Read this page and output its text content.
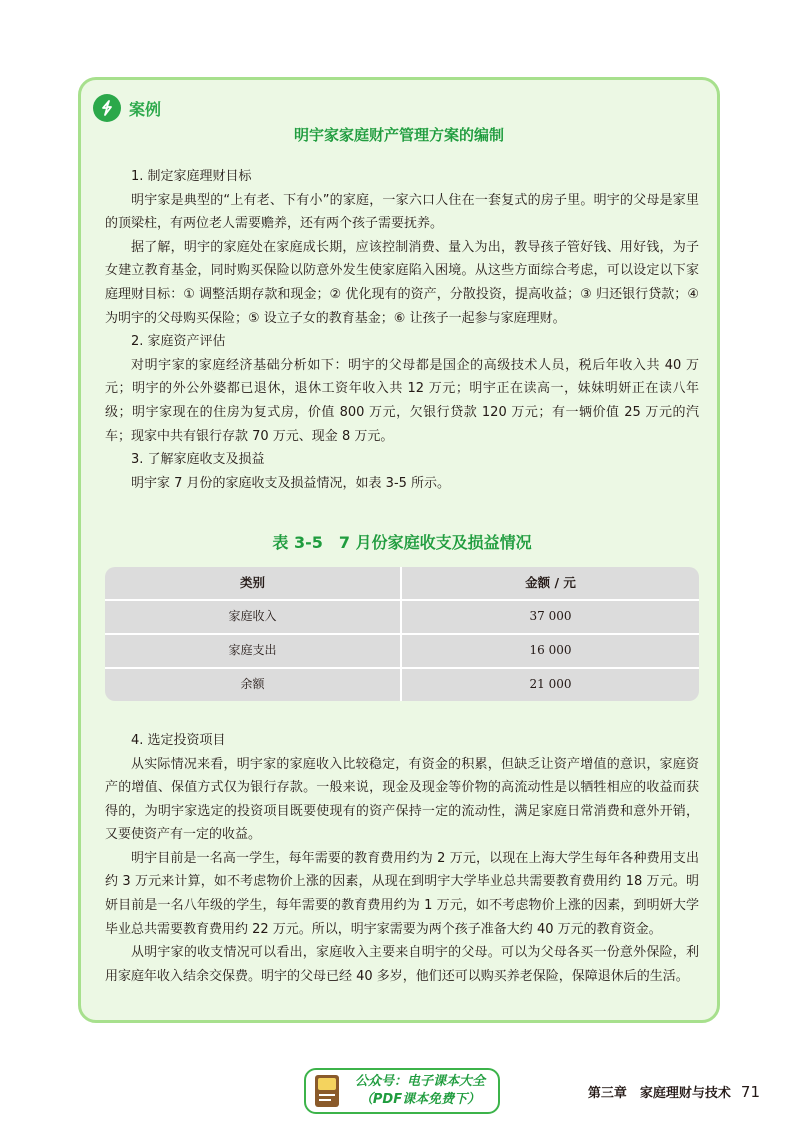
案例
明宇家家庭财产管理方案的编制

1. 制定家庭理财目标

明宇家是典型的“上有老、下有小”的家庭，一家六口人住在一套复式的房子里。明宇的父母是家里的顶梁柱，有两位老人需要赡养，还有两个孩子需要抚养。

据了解，明宇的家庭处在家庭成长期，应该控制消费、量入为出，教导孩子管好钱、用好钱，为子女建立教育基金，同时购买保险以防意外发生使家庭陷入困境。从这些方面综合考虑，可以设定以下家庭理财目标：① 调整活期存款和现金；② 优化现有的资产，分散投资，提高收益；③ 归还银行贷款；④ 为明宇的父母购买保险；⑤ 设立子女的教育基金；⑥ 让孩子一起参与家庭理财。

2. 家庭资产评估

对明宇家的家庭经济基础分析如下：明宇的父母都是国企的高级技术人员，税后年收入共 40 万元；明宇的外公外婆都已退休，退休工资年收入共 12 万元；明宇正在读高一，妹妹明妍正在读八年级；明宇家现在的住房为复式房，价值 800 万元，欠银行贷款 120 万元；有一辆价值 25 万元的汽车；现家中共有银行存款 70 万元、现金 8 万元。

3. 了解家庭收支及损益

明宇家 7 月份的家庭收支及损益情况，如表 3-5 所示。

表 3-5　7 月份家庭收支及损益情况
类别	金额 / 元
家庭收入	37 000
家庭支出	16 000
余额	21 000

4. 选定投资项目

从实际情况来看，明宇家的家庭收入比较稳定，有资金的积累，但缺乏让资产增值的意识，家庭资产的增值、保值方式仅为银行存款。一般来说，现金及现金等价物的高流动性是以牺牲相应的收益而获得的，为明宇家选定的投资项目既要使现有的资产保持一定的流动性，满足家庭日常消费和意外开销，又要使资产有一定的收益。

明宇目前是一名高一学生，每年需要的教育费用约为 2 万元，以现在上海大学生每年各种费用支出约 3 万元来计算，如不考虑物价上涨的因素，从现在到明宇大学毕业总共需要教育费用约 18 万元。明妍目前是一名八年级的学生，每年需要的教育费用约为 1 万元，如不考虑物价上涨的因素，到明妍大学毕业总共需要教育费用约 22 万元。所以，明宇家需要为两个孩子准备大约 40 万元的教育资金。

从明宇家的收支情况可以看出，家庭收入主要来自明宇的父母。可以为父母各买一份意外保险，利用家庭年收入结余交保费。明宇的父母已经 40 多岁，他们还可以购买养老保险，保障退休后的生活。

公众号：电子课本大全
（PDF课本免费下）	第三章　家庭理财与技术 71
